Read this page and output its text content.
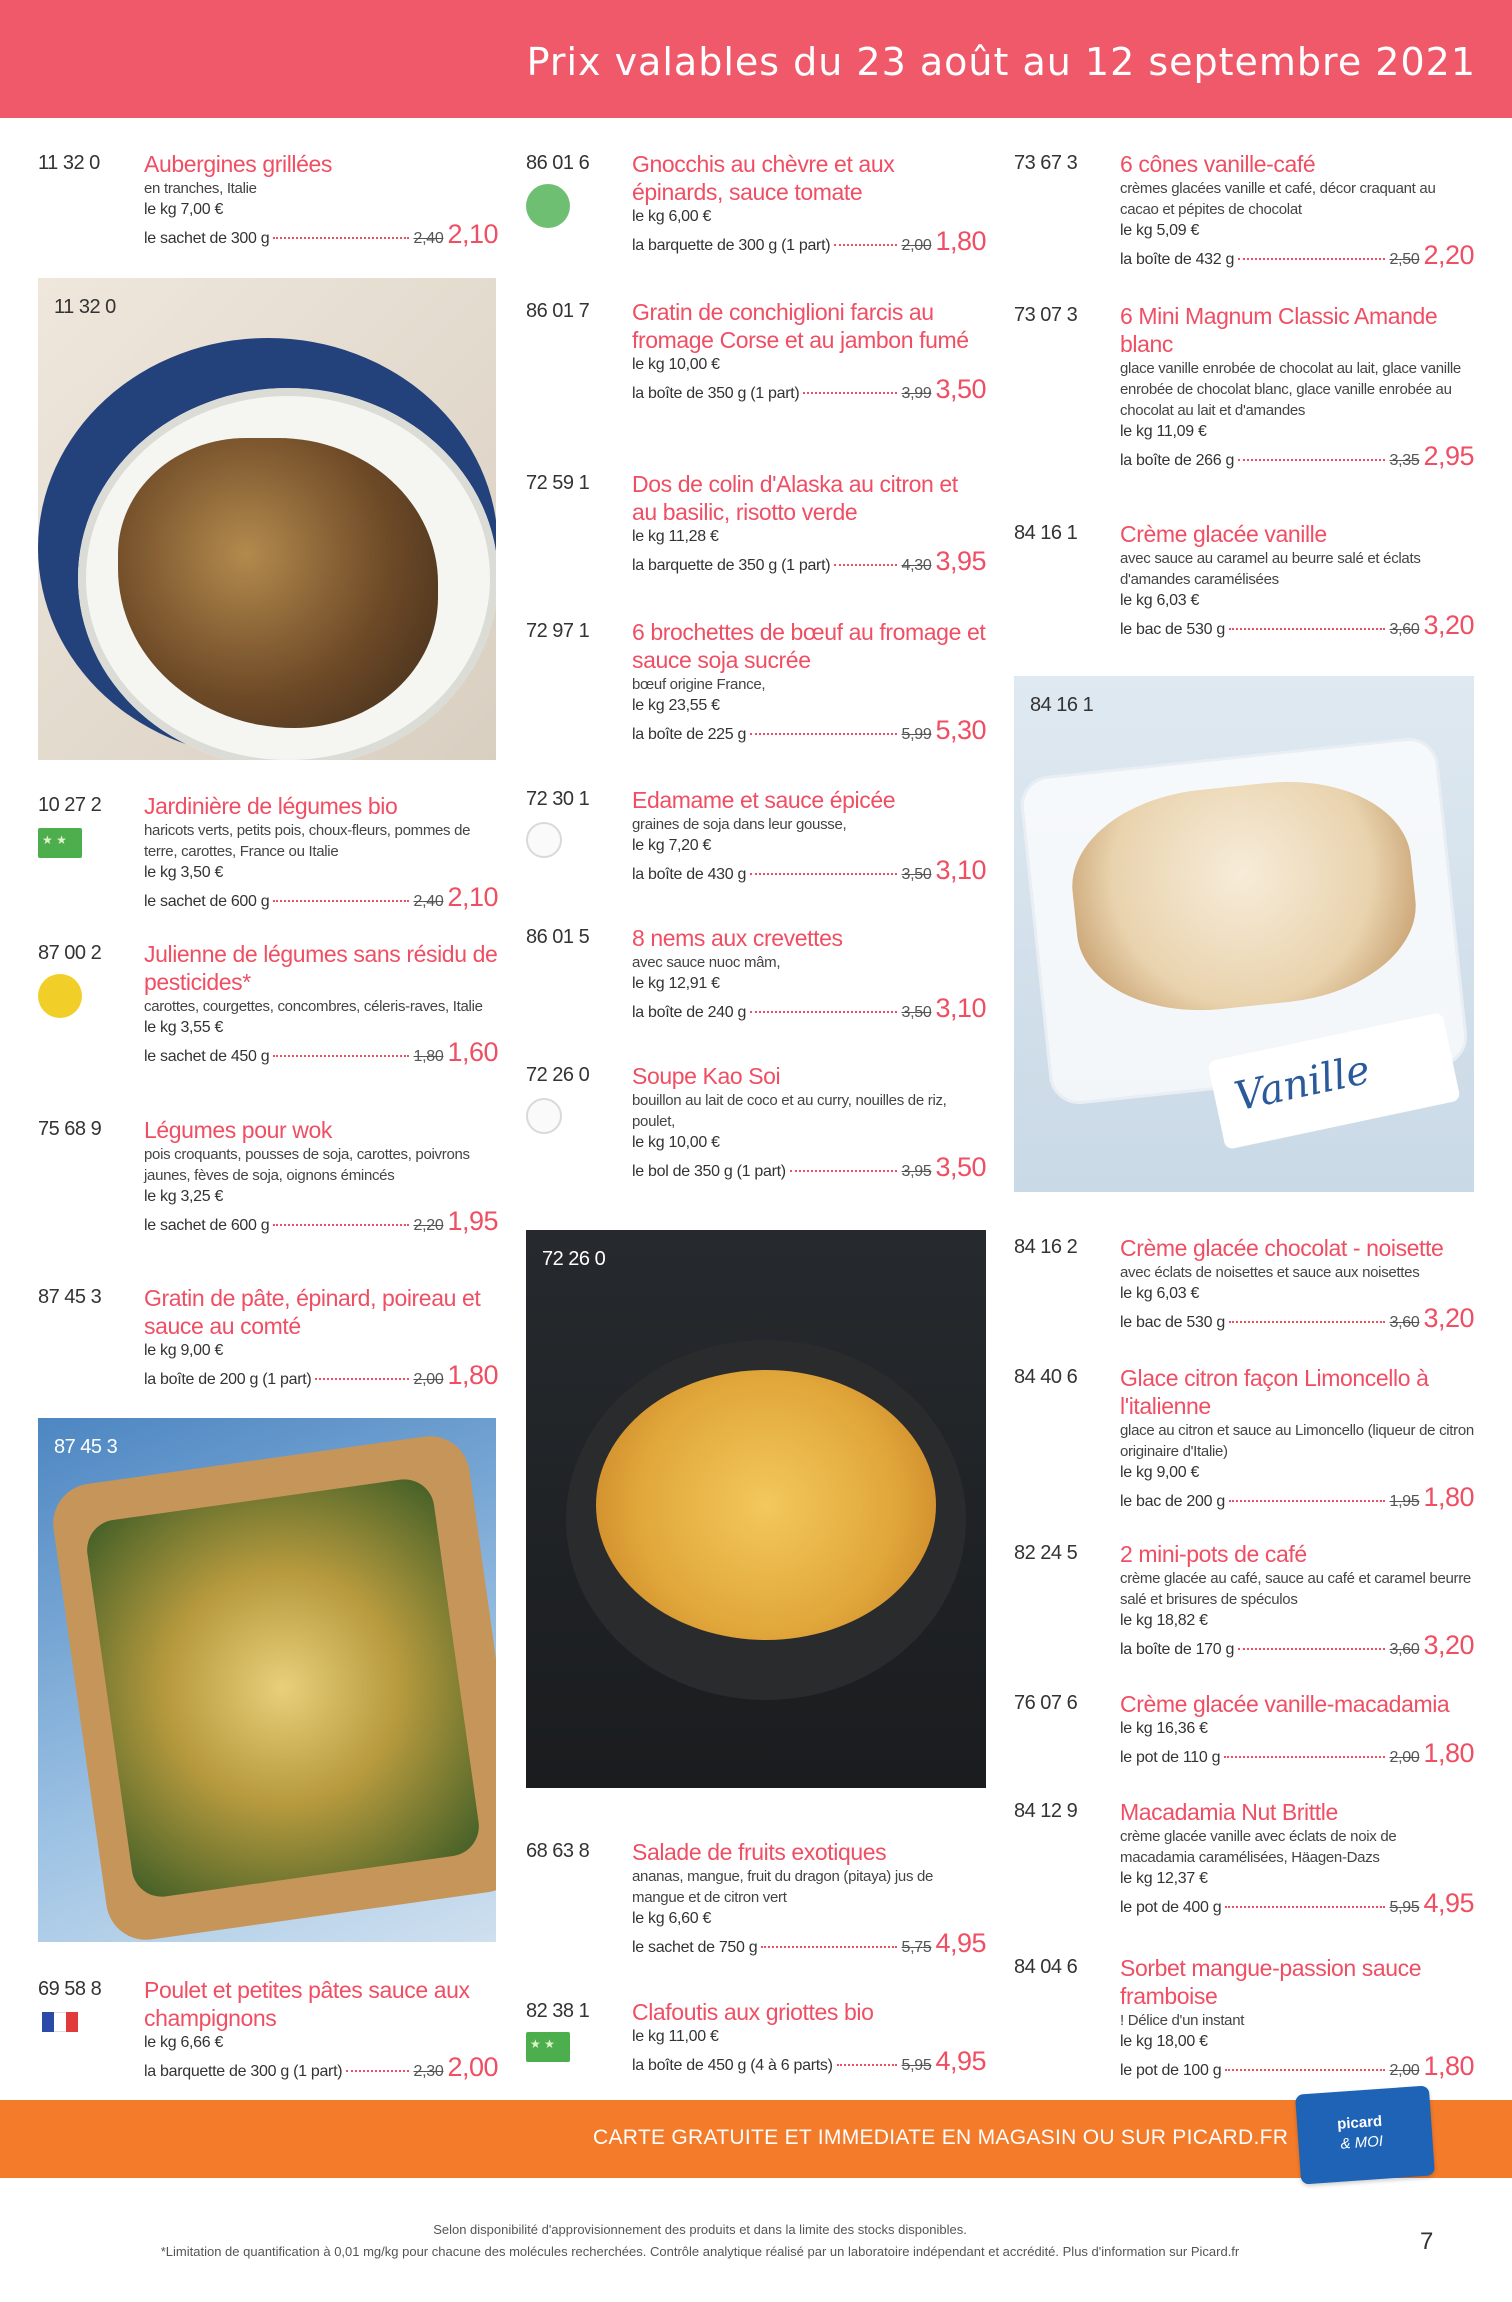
Prix valables du 23 août au 12 septembre 2021
11 32 0 Aubergines grillées
en tranches, Italie
le kg 7,00 €
le sachet de 300 g	2,40 2,10
10 27 2
★ ★ Jardinière de légumes bio
haricots verts, petits pois, choux-fleurs, pommes de terre, carottes, France ou Italie
le kg 3,50 €
le sachet de 600 g	2,40 2,10
87 00 2 Julienne de légumes sans résidu de pesticides*
carottes, courgettes, concombres, céleris-raves, Italie
le kg 3,55 €
le sachet de 450 g	1,80 1,60
75 68 9 Légumes pour wok
pois croquants, pousses de soja, carottes, poivrons jaunes, fèves de soja, oignons émincés
le kg 3,25 €
le sachet de 600 g	2,20 1,95
87 45 3 Gratin de pâte, épinard, poireau et sauce au comté
le kg 9,00 €
la boîte de 200 g (1 part)	2,00 1,80
69 58 8 Poulet et petites pâtes sauce aux champignons
le kg 6,66 €
la barquette de 300 g (1 part)	2,30 2,00
86 01 6 Gnocchis au chèvre et aux épinards, sauce tomate
le kg 6,00 €
la barquette de 300 g (1 part)	2,00 1,80
86 01 7 Gratin de conchiglioni farcis au fromage Corse et au jambon fumé
le kg 10,00 €
la boîte de 350 g (1 part)	3,99 3,50
72 59 1 Dos de colin d'Alaska au citron et au basilic, risotto verde
le kg 11,28 €
la barquette de 350 g (1 part)	4,30 3,95
72 97 1 6 brochettes de bœuf au fromage et sauce soja sucrée
bœuf origine France,
le kg 23,55 €
la boîte de 225 g	5,99 5,30
72 30 1 Edamame et sauce épicée
graines de soja dans leur gousse,
le kg 7,20 €
la boîte de 430 g	3,50 3,10
86 01 5 8 nems aux crevettes
avec sauce nuoc mâm,
le kg 12,91 €
la boîte de 240 g	3,50 3,10
72 26 0 Soupe Kao Soi
bouillon au lait de coco et au curry, nouilles de riz, poulet,
le kg 10,00 €
le bol de 350 g (1 part)	3,95 3,50
68 63 8 Salade de fruits exotiques
ananas, mangue, fruit du dragon (pitaya) jus de mangue et de citron vert
le kg 6,60 €
le sachet de 750 g	5,75 4,95
82 38 1
★ ★ Clafoutis aux griottes bio
le kg 11,00 €
la boîte de 450 g (4 à 6 parts)	5,95 4,95
73 67 3 6 cônes vanille-café
crèmes glacées vanille et café, décor craquant au cacao et pépites de chocolat
le kg 5,09 €
la boîte de 432 g	2,50 2,20
73 07 3 6 Mini Magnum Classic Amande blanc
glace vanille enrobée de chocolat au lait, glace vanille enrobée de chocolat blanc, glace vanille enrobée au chocolat au lait et d'amandes
le kg 11,09 €
la boîte de 266 g	3,35 2,95
84 16 1 Crème glacée vanille
avec sauce au caramel au beurre salé et éclats d'amandes caramélisées
le kg 6,03 €
le bac de 530 g	3,60 3,20
84 16 2 Crème glacée chocolat - noisette
avec éclats de noisettes et sauce aux noisettes
le kg 6,03 €
le bac de 530 g	3,60 3,20
84 40 6 Glace citron façon Limoncello à l'italienne
glace au citron et sauce au Limoncello (liqueur de citron originaire d'Italie)
le kg 9,00 €
le bac de 200 g	1,95 1,80
82 24 5 2 mini-pots de café
crème glacée au café, sauce au café et caramel beurre salé et brisures de spéculos
le kg 18,82 €
la boîte de 170 g	3,60 3,20
76 07 6 Crème glacée vanille-macadamia
le kg 16,36 €
le pot de 110 g	2,00 1,80
84 12 9 Macadamia Nut Brittle
crème glacée vanille avec éclats de noix de macadamia caramélisées, Häagen-Dazs
le kg 12,37 €
le pot de 400 g	5,95 4,95
84 04 6 Sorbet mangue-passion sauce framboise
! Délice d'un instant
le kg 18,00 €
le pot de 100 g	2,00 1,80
11 32 0
87 45 3
72 26 0
84 16 1
Vanille
CARTE GRATUITE ET IMMEDIATE EN MAGASIN OU SUR PICARD.FR
picard
& MOI
Selon disponibilité d'approvisionnement des produits et dans la limite des stocks disponibles.
*Limitation de quantification à 0,01 mg/kg pour chacune des molécules recherchées. Contrôle analytique réalisé par un laboratoire indépendant et accrédité. Plus d'information sur Picard.fr	7
